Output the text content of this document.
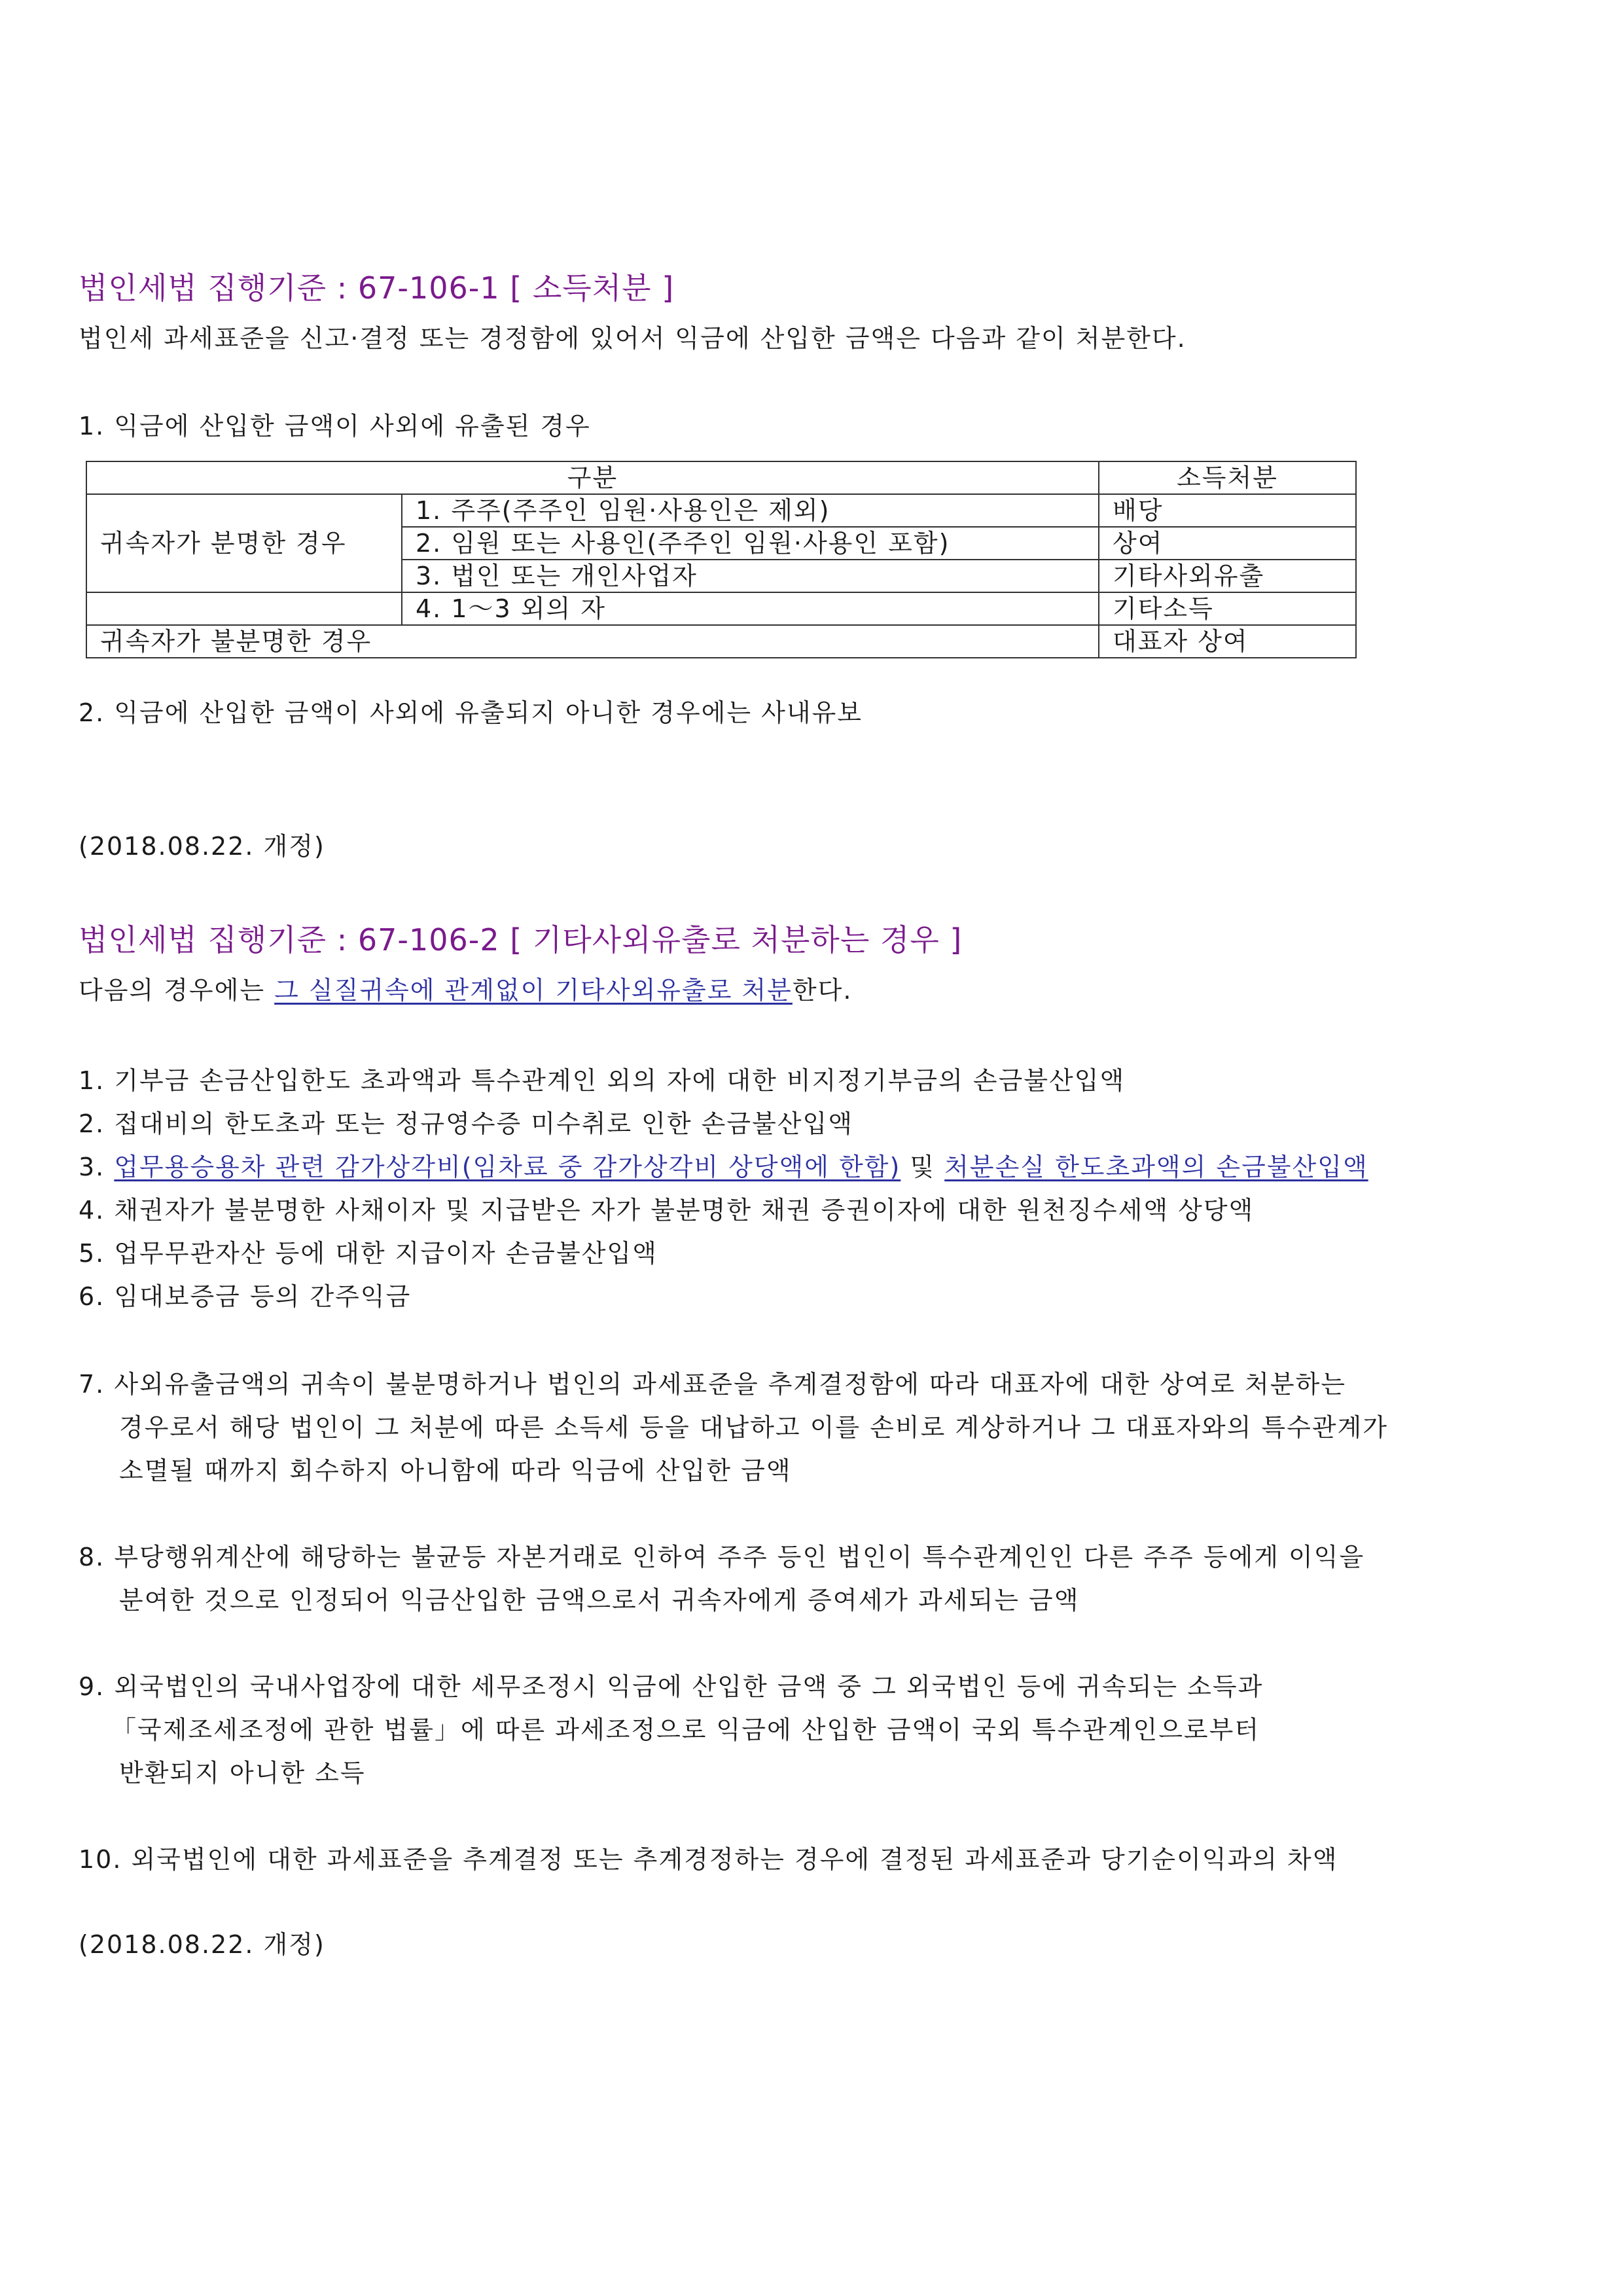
법인세법 집행기준 : 67-106-1 [ 소득처분 ]
법인세 과세표준을 신고·결정 또는 경정함에 있어서 익금에 산입한 금액은 다음과 같이 처분한다.
1. 익금에 산입한 금액이 사외에 유출된 경우
구분		소득처분
귀속자가 분명한 경우	1. 주주(주주인 임원·사용인은 제외)	배당
	2. 임원 또는 사용인(주주인 임원·사용인 포함)	상여
	3. 법인 또는 개인사업자	기타사외유출
	4. 1～3 외의 자	기타소득
귀속자가 불분명한 경우		대표자 상여
2. 익금에 산입한 금액이 사외에 유출되지 아니한 경우에는 사내유보
(2018.08.22. 개정)
법인세법 집행기준 : 67-106-2 [ 기타사외유출로 처분하는 경우 ]
다음의 경우에는 그 실질귀속에 관계없이 기타사외유출로 처분한다.
1. 기부금 손금산입한도 초과액과 특수관계인 외의 자에 대한 비지정기부금의 손금불산입액
2. 접대비의 한도초과 또는 정규영수증 미수취로 인한 손금불산입액
3. 업무용승용차 관련 감가상각비(임차료 중 감가상각비 상당액에 한함) 및 처분손실 한도초과액의 손금불산입액
4. 채권자가 불분명한 사채이자 및 지급받은 자가 불분명한 채권 증권이자에 대한 원천징수세액 상당액
5. 업무무관자산 등에 대한 지급이자 손금불산입액
6. 임대보증금 등의 간주익금
7. 사외유출금액의 귀속이 불분명하거나 법인의 과세표준을 추계결정함에 따라 대표자에 대한 상여로 처분하는
경우로서 해당 법인이 그 처분에 따른 소득세 등을 대납하고 이를 손비로 계상하거나 그 대표자와의 특수관계가
소멸될 때까지 회수하지 아니함에 따라 익금에 산입한 금액
8. 부당행위계산에 해당하는 불균등 자본거래로 인하여 주주 등인 법인이 특수관계인인 다른 주주 등에게 이익을
분여한 것으로 인정되어 익금산입한 금액으로서 귀속자에게 증여세가 과세되는 금액
9. 외국법인의 국내사업장에 대한 세무조정시 익금에 산입한 금액 중 그 외국법인 등에 귀속되는 소득과
「국제조세조정에 관한 법률」에 따른 과세조정으로 익금에 산입한 금액이 국외 특수관계인으로부터
반환되지 아니한 소득
10. 외국법인에 대한 과세표준을 추계결정 또는 추계경정하는 경우에 결정된 과세표준과 당기순이익과의 차액
(2018.08.22. 개정)
